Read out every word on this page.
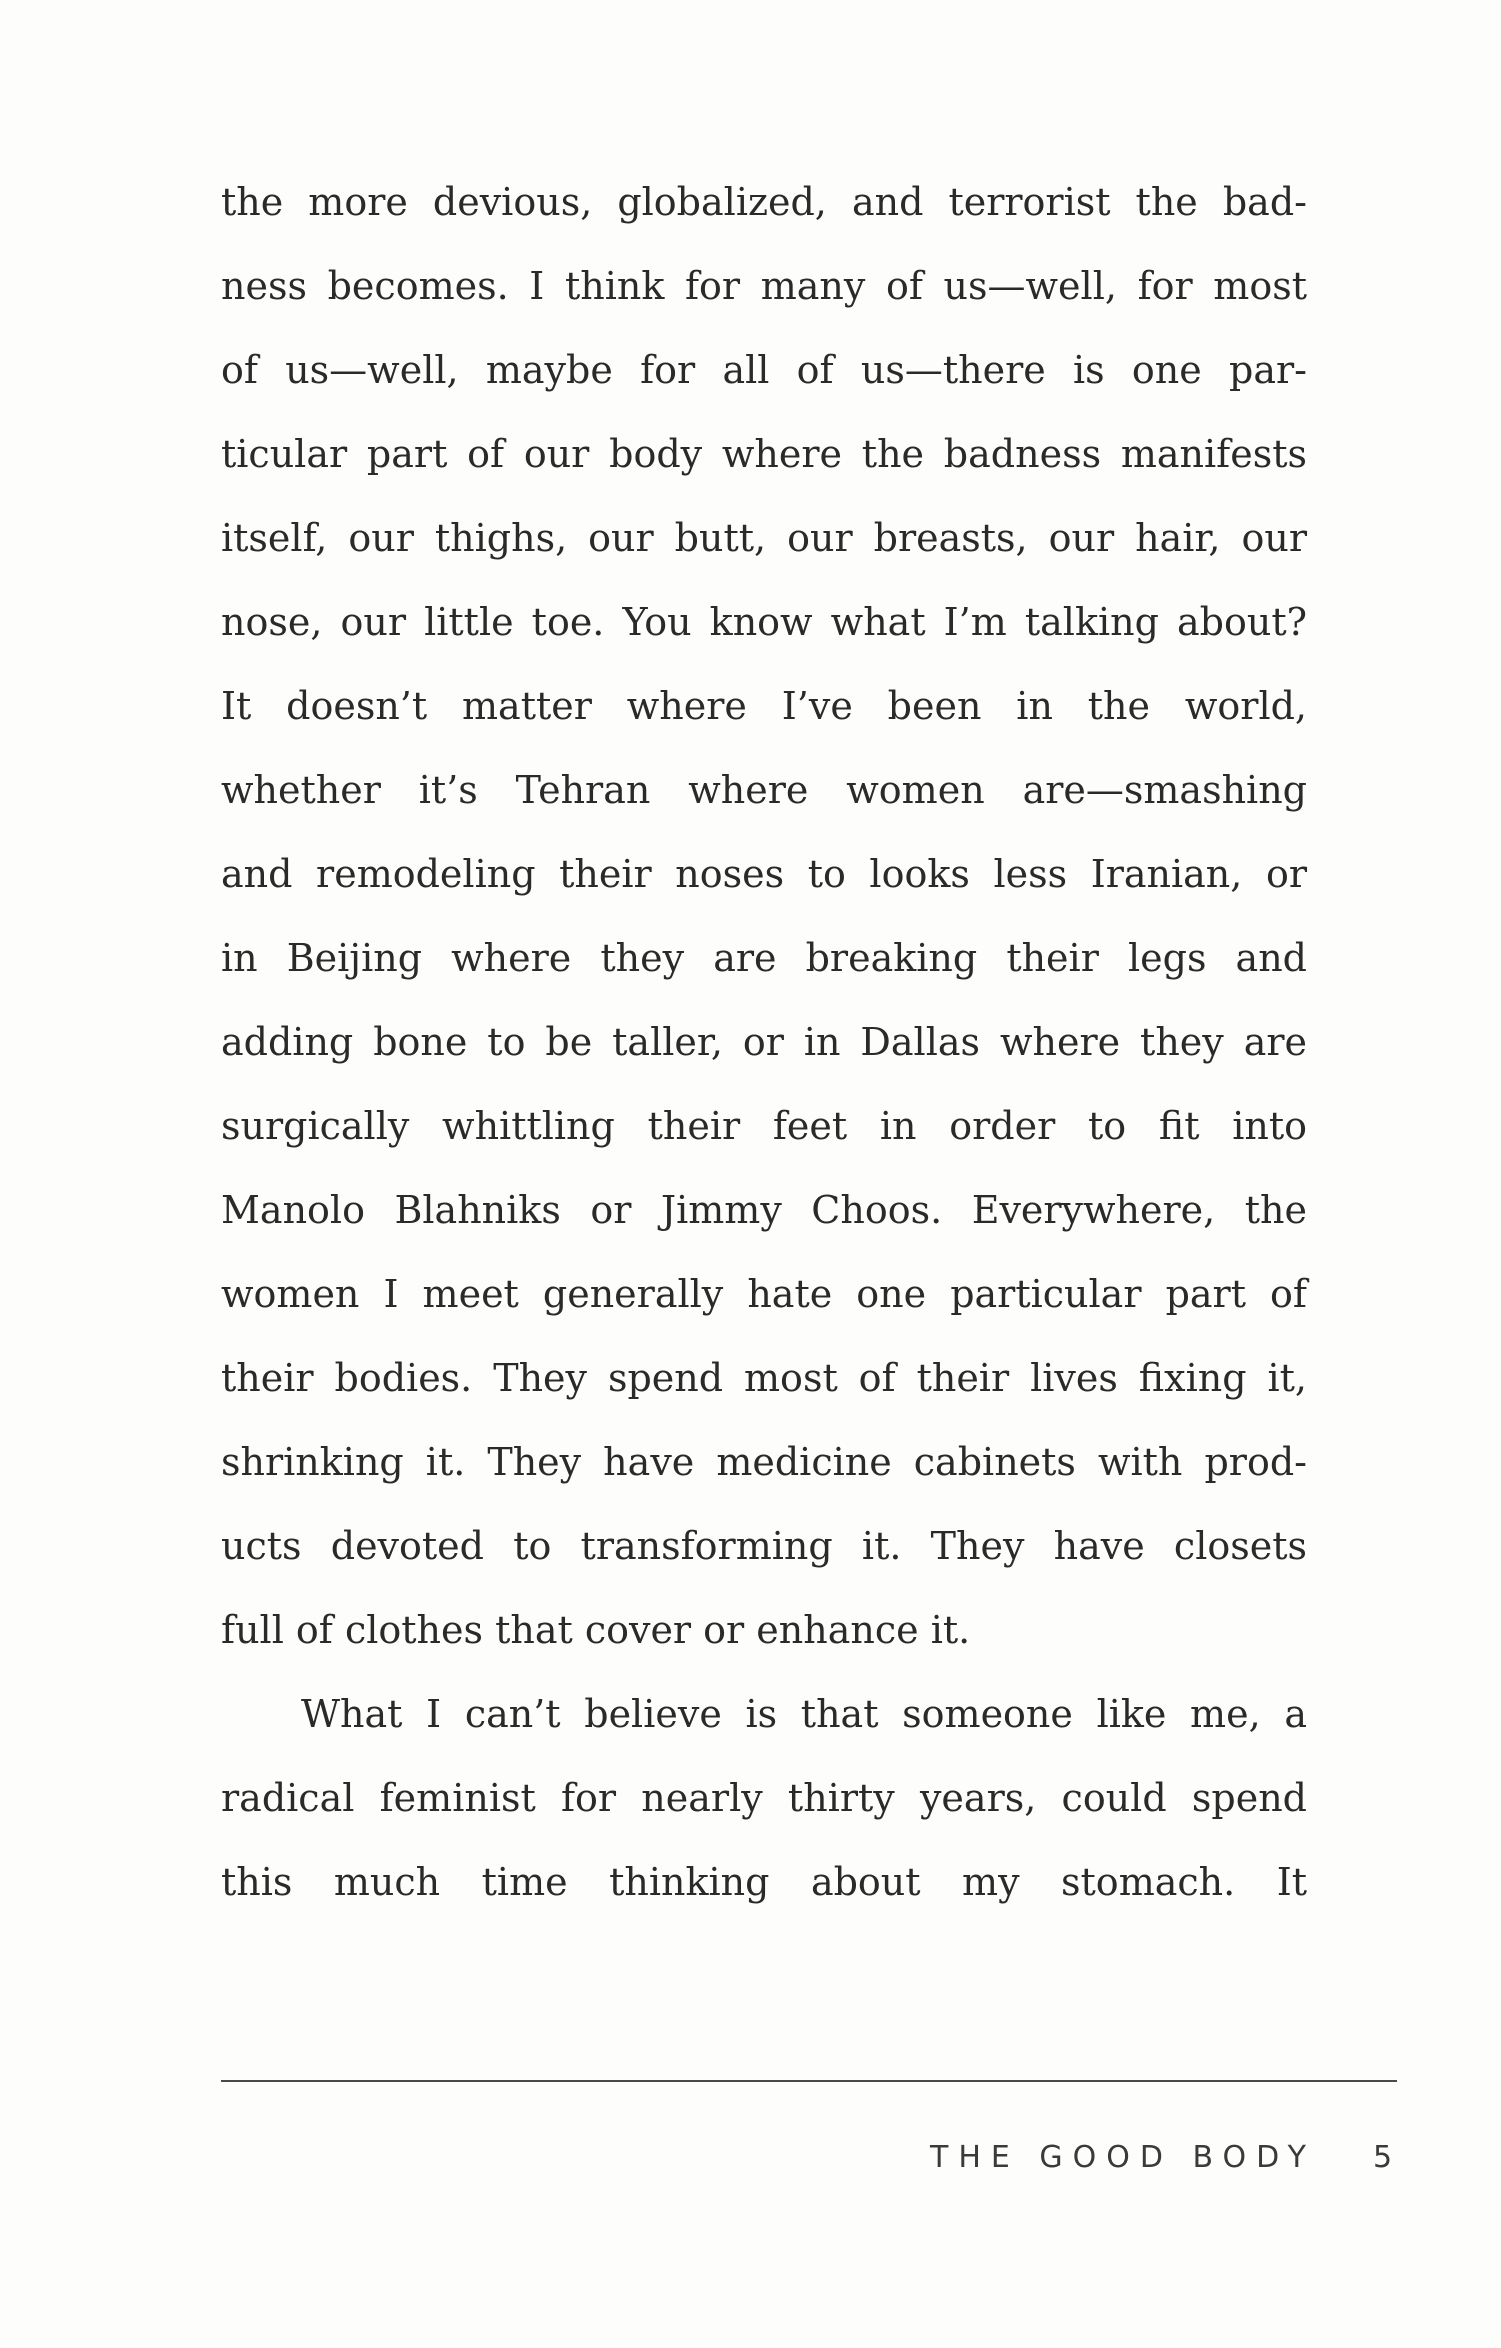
the more devious, globalized, and terrorist the bad-
ness becomes. I think for many of us—well, for most
of us—well, maybe for all of us—there is one par-
ticular part of our body where the badness manifests
itself, our thighs, our butt, our breasts, our hair, our
nose, our little toe. You know what I’m talking about?
It doesn’t matter where I’ve been in the world,
whether it’s Tehran where women are—smashing
and remodeling their noses to looks less Iranian, or
in Beijing where they are breaking their legs and
adding bone to be taller, or in Dallas where they are
surgically whittling their feet in order to fit into
Manolo Blahniks or Jimmy Choos. Everywhere, the
women I meet generally hate one particular part of
their bodies. They spend most of their lives fixing it,
shrinking it. They have medicine cabinets with prod-
ucts devoted to transforming it. They have closets
full of clothes that cover or enhance it.
What I can’t believe is that someone like me, a
radical feminist for nearly thirty years, could spend
this much time thinking about my stomach. It
THE GOOD BODY 5
